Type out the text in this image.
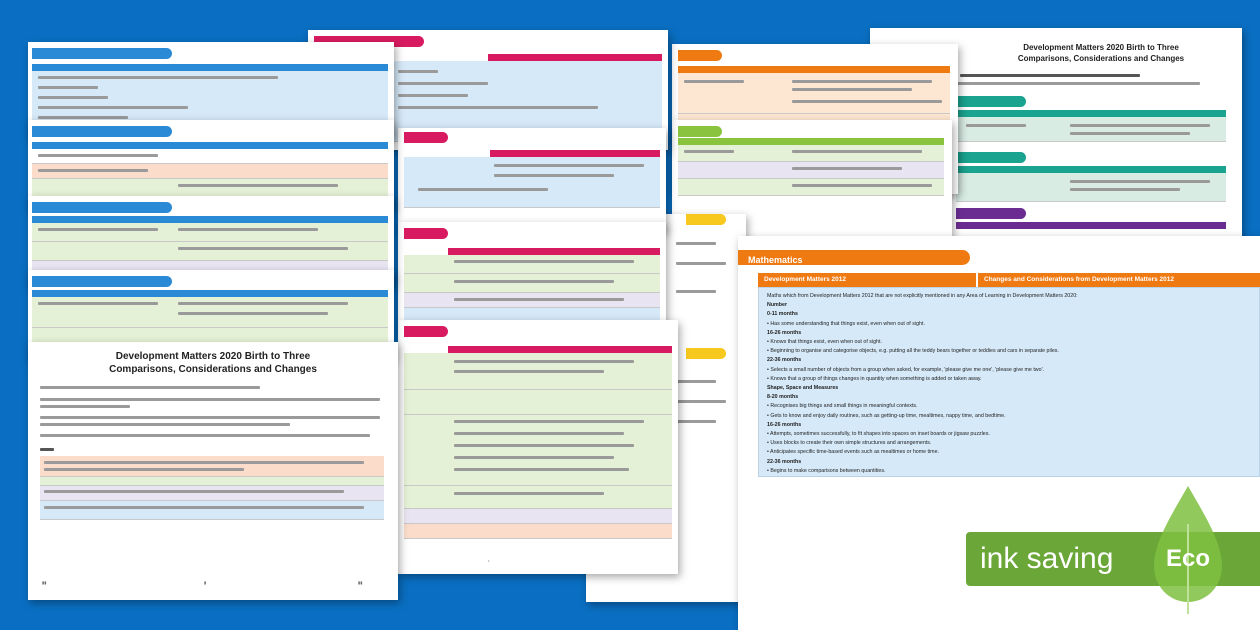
Development Matters 2020 Birth to Three
Comparisons, Considerations and Changes
•
Development Matters 2020 Birth to Three
Comparisons, Considerations and Changes
▮▮	▮	▮▮
Mathematics
Development Matters 2012	Changes and Considerations from Development Matters 2012
Maths which from Development Matters 2012 that are not explicitly mentioned in any Area of Learning in Development Matters 2020:
Number
0-11 months
• Has some understanding that things exist, even when out of sight.
16-26 months
• Knows that things exist, even when out of sight.
• Beginning to organise and categorise objects, e.g. putting all the teddy bears together or teddies and cars in separate piles.
22-36 months
• Selects a small number of objects from a group when asked, for example, 'please give me one', 'please give me two'.
• Knows that a group of things changes in quantity when something is added or taken away.
Shape, Space and Measures
8-20 months
• Recognises big things and small things in meaningful contexts.
• Gets to know and enjoy daily routines, such as getting-up time, mealtimes, nappy time, and bedtime.
16-26 months
• Attempts, sometimes successfully, to fit shapes into spaces on inset boards or jigsaw puzzles.
• Uses blocks to create their own simple structures and arrangements.
• Anticipates specific time-based events such as mealtimes or home time.
22-36 months
• Begins to make comparisons between quantities.
ink saving Eco
